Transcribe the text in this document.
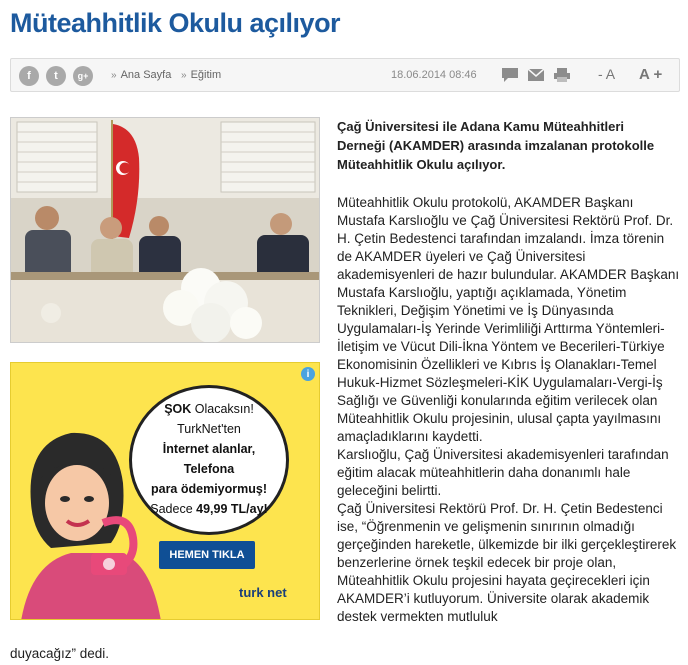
Müteahhitlik Okulu açılıyor
f	t	g+	» Ana Sayfa » Eğitim	18.06.2014 08:46	- A A +
i
ŞOK Olacaksın!
TurkNet'ten
İnternet alanlar,
Telefona
para ödemiyormuş!
Sadece 49,99 TL/ay!
HEMEN TIKLA
turk net
Çağ Üniversitesi ile Adana Kamu Müteahhitleri Derneği (AKAMDER) arasında imzalanan protokolle Müteahhitlik Okulu açılıyor.

Müteahhitlik Okulu protokolü, AKAMDER Başkanı Mustafa Karslıoğlu ve Çağ Üniversitesi Rektörü Prof. Dr. H. Çetin Bedestenci tarafından imzalandı. İmza törenin de AKAMDER üyeleri ve Çağ Üniversitesi akademisyenleri de hazır bulundular. AKAMDER Başkanı Mustafa Karslıoğlu, yaptığı açıklamada, Yönetim Teknikleri, Değişim Yönetimi ve İş Dünyasında Uygulamaları-İş Yerinde Verimliliği Arttırma Yöntemleri-İletişim ve Vücut Dili-İkna Yöntem ve Becerileri-Türkiye Ekonomisinin Özellikleri ve Kıbrıs İş Olanakları-Temel Hukuk-Hizmet Sözleşmeleri-KİK Uygulamaları-Vergi-İş Sağlığı ve Güvenliği konularında eğitim verilecek olan Müteahhitlik Okulu projesinin, ulusal çapta yayılmasını amaçladıklarını kaydetti.

Karslıoğlu, Çağ Üniversitesi akademisyenleri tarafından eğitim alacak müteahhitlerin daha donanımlı hale geleceğini belirtti.

Çağ Üniversitesi Rektörü Prof. Dr. H. Çetin Bedestenci ise, “Öğrenmenin ve gelişmenin sınırının olmadığı gerçeğinden hareketle, ülkemizde bir ilki gerçekleştirerek benzerlerine örnek teşkil edecek bir proje olan, Müteahhitlik Okulu projesini hayata geçirecekleri için AKAMDER’i kutluyorum. Üniversite olarak akademik destek vermekten mutluluk

duyacağız” dedi.
